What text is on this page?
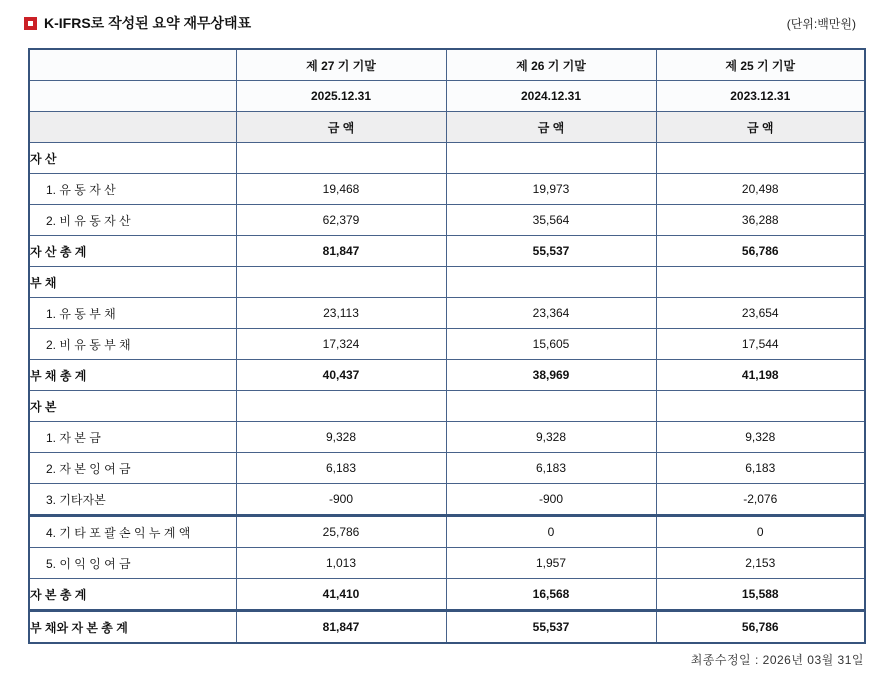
K-IFRS로 작성된 요약 재무상태표	(단위:백만원)
	제 27 기 기말	제 26 기 기말	제 25 기 기말
	2025.12.31	2024.12.31	2023.12.31
	금 액	금 액	금 액
자 산			
1. 유 동 자 산	19,468	19,973	20,498
2. 비 유 동 자 산	62,379	35,564	36,288
자 산 총 계	81,847	55,537	56,786
부 채			
1. 유 동 부 채	23,113	23,364	23,654
2. 비 유 동 부 채	17,324	15,605	17,544
부 채 총 계	40,437	38,969	41,198
자 본			
1. 자 본 금	9,328	9,328	9,328
2. 자 본 잉 여 금	6,183	6,183	6,183
3. 기타자본	-900	-900	-2,076
4. 기 타 포 괄 손 익 누 계 액	25,786	0	0
5. 이 익 잉 여 금	1,013	1,957	2,153
자 본 총 계	41,410	16,568	15,588
부 채와 자 본 총 계	81,847	55,537	56,786
최종수정일 : 2026년 03월 31일
